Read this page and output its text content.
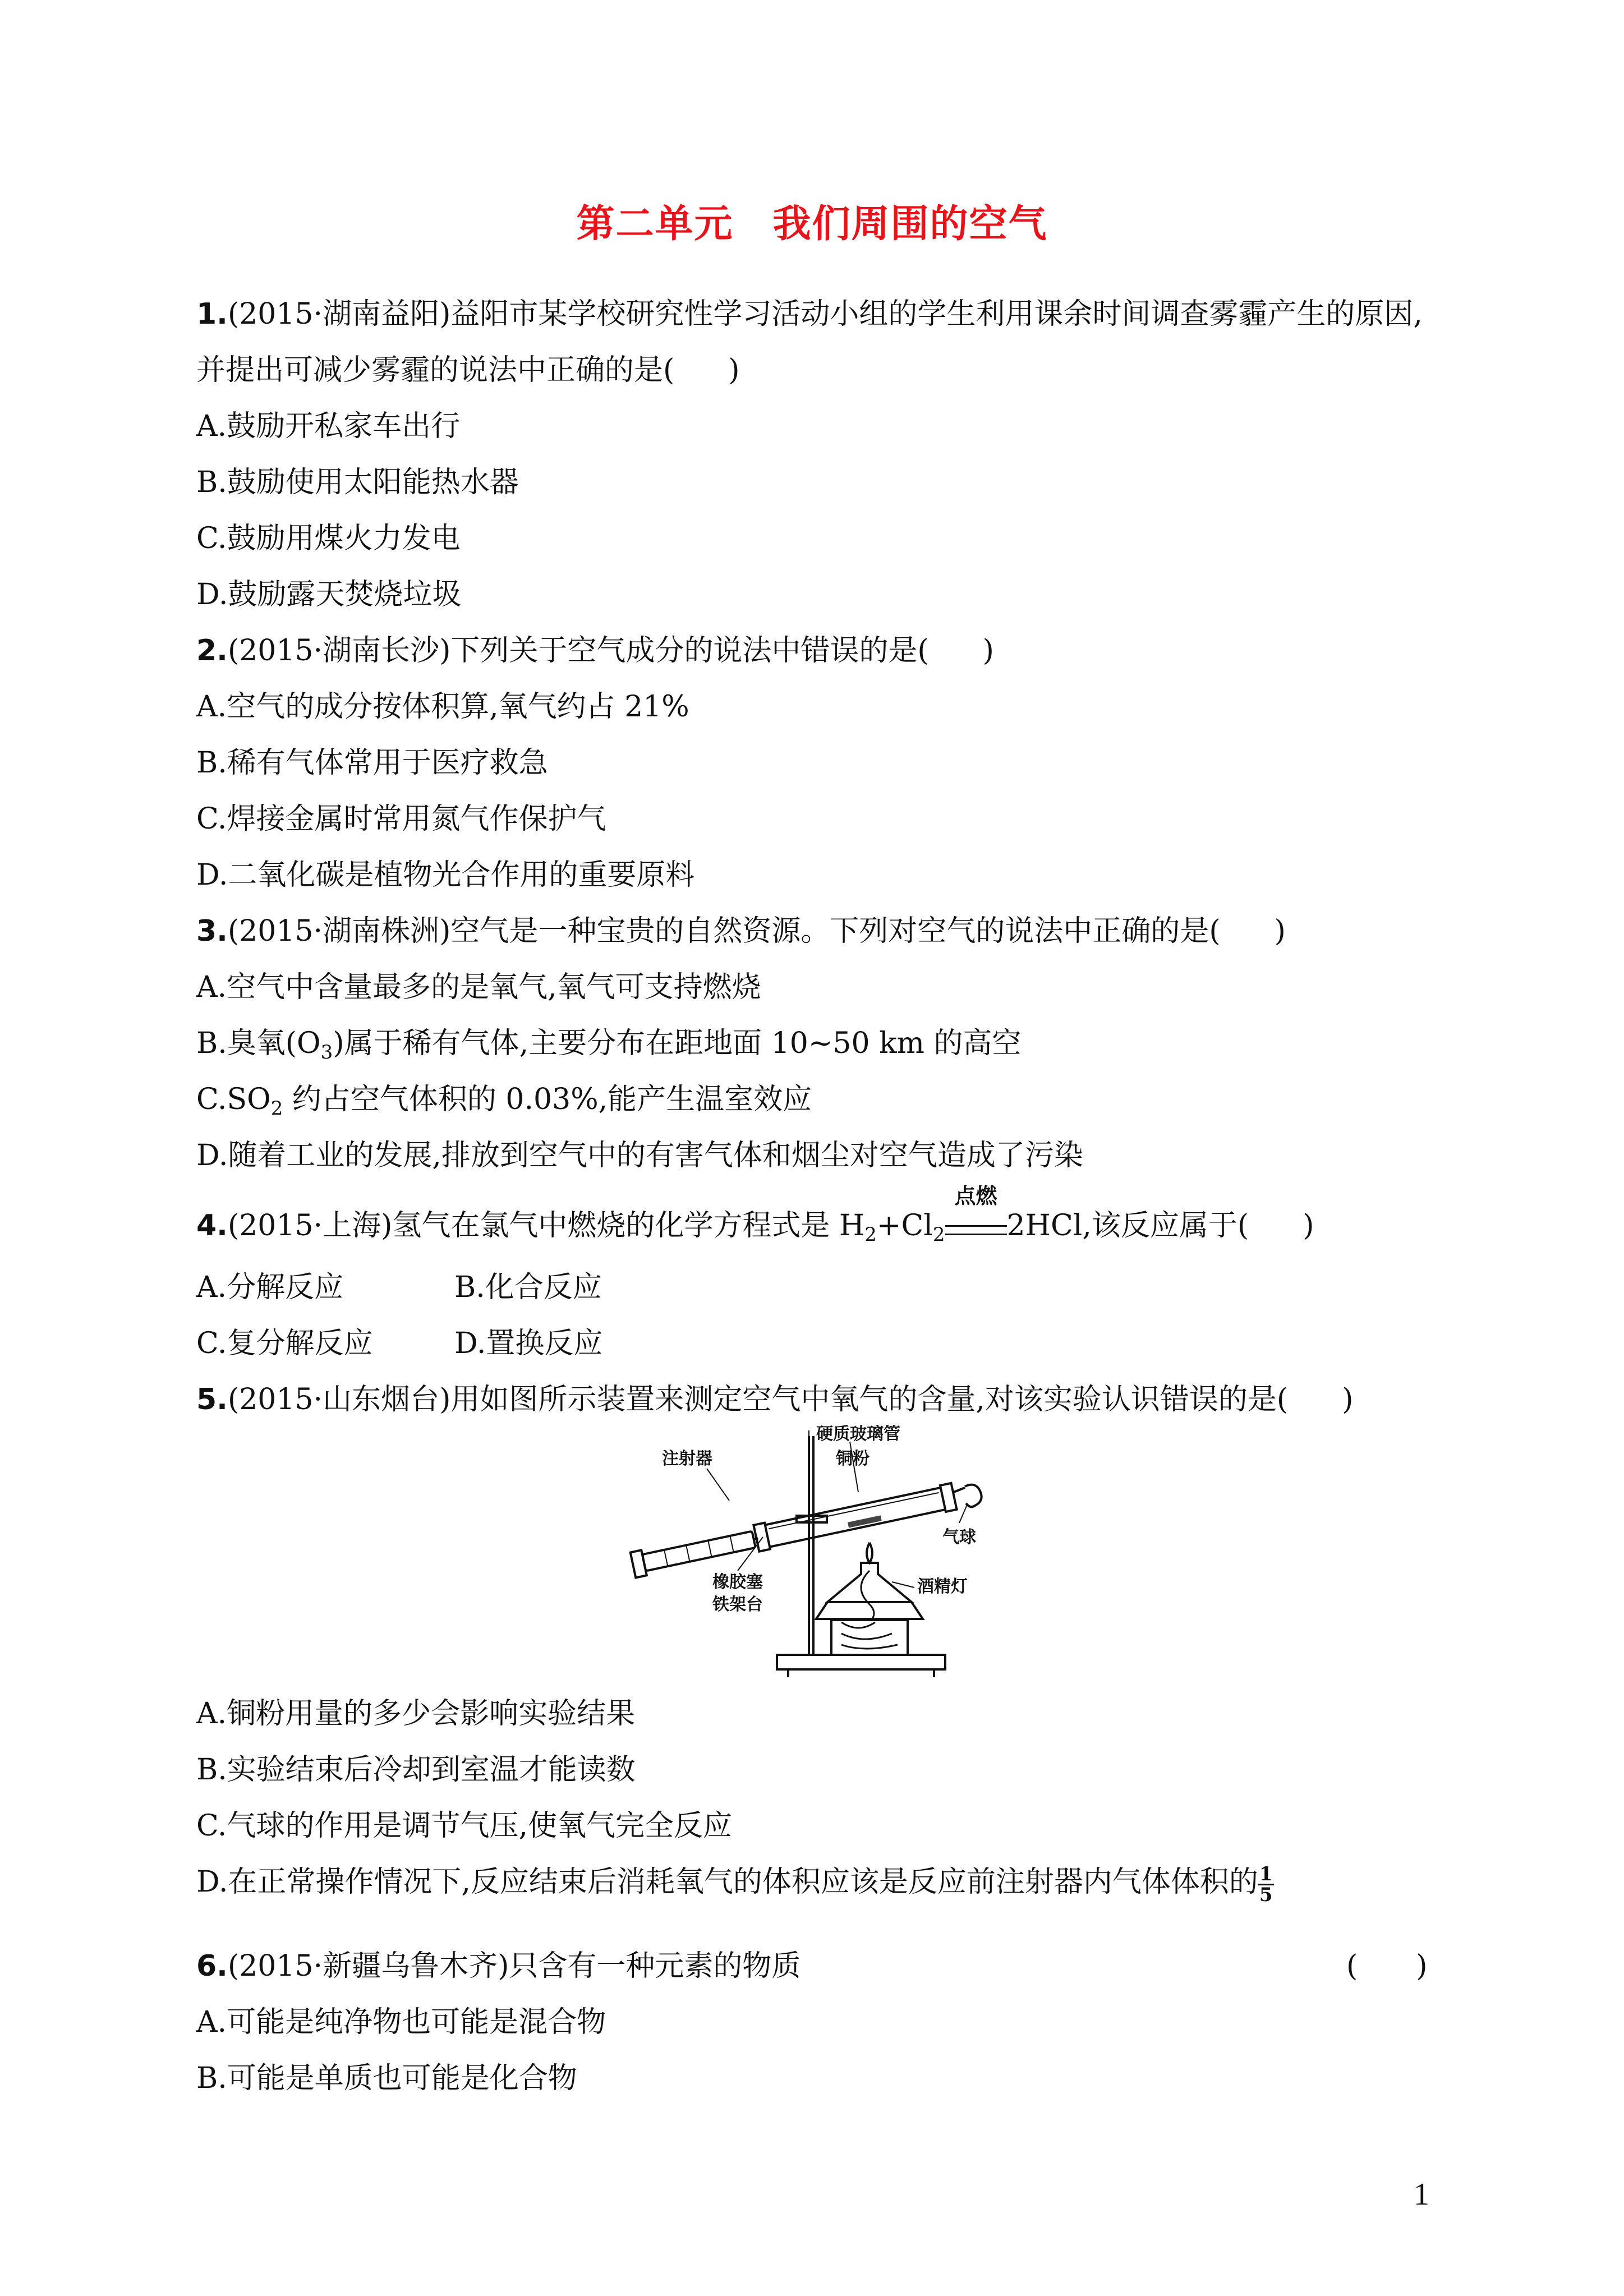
第二单元　我们周围的空气
1.(2015·湖南益阳)益阳市某学校研究性学习活动小组的学生利用课余时间调查雾霾产生的原因,
并提出可减少雾霾的说法中正确的是( )
A.鼓励开私家车出行
B.鼓励使用太阳能热水器
C.鼓励用煤火力发电
D.鼓励露天焚烧垃圾
2.(2015·湖南长沙)下列关于空气成分的说法中错误的是( )
A.空气的成分按体积算,氧气约占 21%
B.稀有气体常用于医疗救急
C.焊接金属时常用氮气作保护气
D.二氧化碳是植物光合作用的重要原料
3.(2015·湖南株洲)空气是一种宝贵的自然资源。下列对空气的说法中正确的是( )
A.空气中含量最多的是氧气,氧气可支持燃烧
B.臭氧$(O_3)$属于稀有气体,主要分布在距地面 10~50 km 的高空
$C.SO_2$ 约占空气体积的 0.03%,能产生温室效应
D.随着工业的发展,排放到空气中的有害气体和烟尘对空气造成了污染
4.(2015·上海)氢气在氯气中燃烧的化学方程式是 $H_2+Cl_2$
点燃
2HCl,该反应属于( )
A.分解反应	B.化合反应
C.复分解反应	D.置换反应
5.(2015·山东烟台)用如图所示装置来测定空气中氧气的含量,对该实验认识错误的是( )
硬质玻璃管
铜粉
注射器
气球
橡胶塞
铁架台
酒精灯
A.铜粉用量的多少会影响实验结果
B.实验结束后冷却到室温才能读数
C.气球的作用是调节气压,使氧气完全反应
D.在正常操作情况下,反应结束后消耗氧气的体积应该是反应前注射器内气体体积的 $\frac{1}{5}$
6.(2015·新疆乌鲁木齐)只含有一种元素的物质	(　　)
A.可能是纯净物也可能是混合物
B.可能是单质也可能是化合物
1
